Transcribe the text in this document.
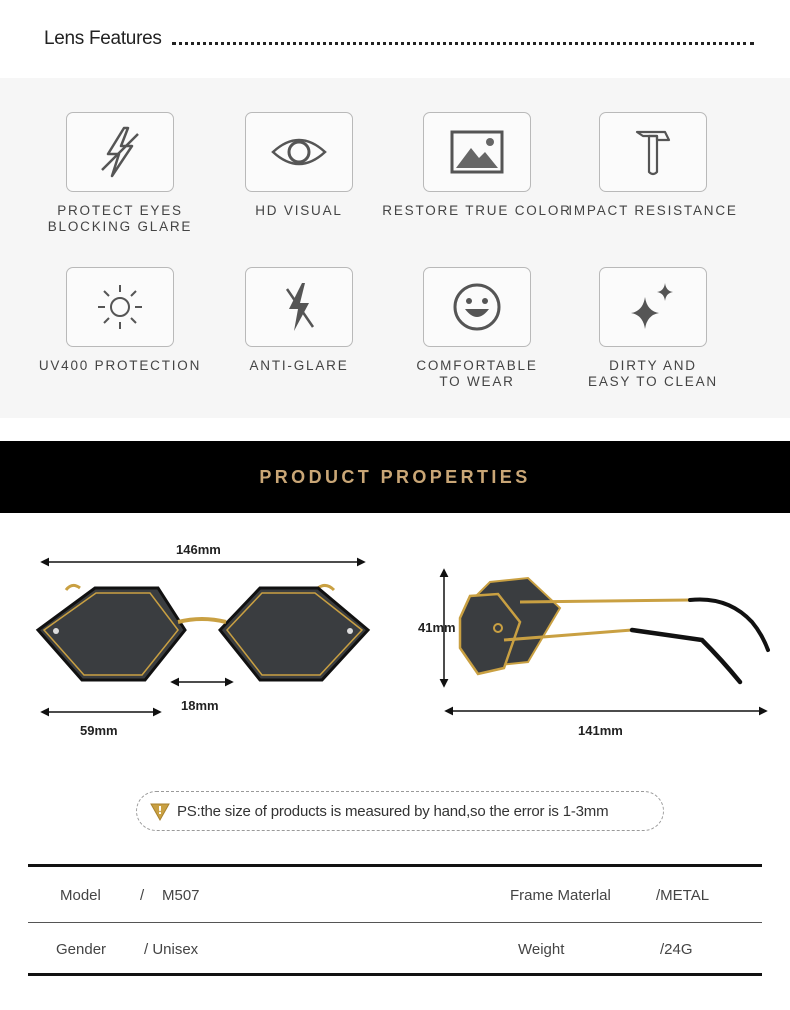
Lens Features
PROTECT EYES
BLOCKING GLARE
HD VISUAL	RESTORE TRUE COLOR
IMPACT RESISTANCE
UV400 PROTECTION	ANTI-GLARE	COMFORTABLE
TO WEAR
DIRTY AND
EASY TO CLEAN
PRODUCT PROPERTIES
146mm
18mm
59mm
41mm
141mm
! PS:the size of products is measured by hand,so the error is 1-3mm
Model	/ M507	Frame Materlal	/METAL
Gender	/ Unisex	Weight	/24G
